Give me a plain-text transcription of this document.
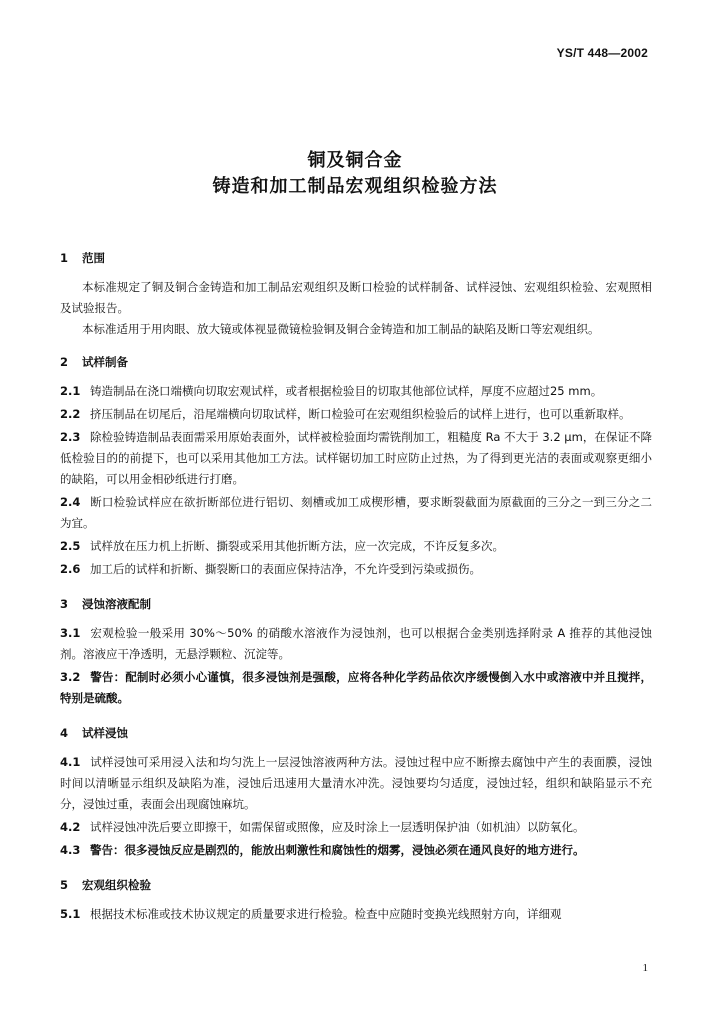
YS/T 448—2002
铜及铜合金
铸造和加工制品宏观组织检验方法
1 范围

本标准规定了铜及铜合金铸造和加工制品宏观组织及断口检验的试样制备、试样浸蚀、宏观组织检验、宏观照相及试验报告。

本标准适用于用肉眼、放大镜或体视显微镜检验铜及铜合金铸造和加工制品的缺陷及断口等宏观组织。

2 试样制备
2.1 铸造制品在浇口端横向切取宏观试样，或者根据检验目的切取其他部位试样，厚度不应超过25 mm。
2.2 挤压制品在切尾后，沿尾端横向切取试样，断口检验可在宏观组织检验后的试样上进行，也可以重新取样。
2.3 除检验铸造制品表面需采用原始表面外，试样被检验面均需铣削加工，粗糙度 Ra 不大于 3.2 μm，在保证不降低检验目的的前提下，也可以采用其他加工方法。试样锯切加工时应防止过热，为了得到更光洁的表面或观察更细小的缺陷，可以用金相砂纸进行打磨。
2.4 断口检验试样应在欲折断部位进行铝切、刻槽或加工成楔形槽，要求断裂截面为原截面的三分之一到三分之二为宜。
2.5 试样放在压力机上折断、撕裂或采用其他折断方法，应一次完成，不许反复多次。
2.6 加工后的试样和折断、撕裂断口的表面应保持洁净，不允许受到污染或损伤。
3 浸蚀溶液配制
3.1 宏观检验一般采用 30%～50% 的硝酸水溶液作为浸蚀剂，也可以根据合金类别选择附录 A 推荐的其他浸蚀剂。溶液应干净透明，无悬浮颗粒、沉淀等。
3.2 警告：配制时必须小心谨慎，很多浸蚀剂是强酸，应将各种化学药品依次序缓慢倒入水中或溶液中并且搅拌，特别是硫酸。
4 试样浸蚀
4.1 试样浸蚀可采用浸入法和均匀洗上一层浸蚀溶液两种方法。浸蚀过程中应不断擦去腐蚀中产生的表面膜，浸蚀时间以清晰显示组织及缺陷为准，浸蚀后迅速用大量清水冲洗。浸蚀要均匀适度，浸蚀过轻，组织和缺陷显示不充分，浸蚀过重，表面会出现腐蚀麻坑。
4.2 试样浸蚀冲洗后要立即擦干，如需保留或照像，应及时涂上一层透明保护油（如机油）以防氧化。
4.3 警告：很多浸蚀反应是剧烈的，能放出刺激性和腐蚀性的烟雾，浸蚀必须在通风良好的地方进行。
5 宏观组织检验
5.1 根据技术标准或技术协议规定的质量要求进行检验。检查中应随时变换光线照射方向，详细观
1
